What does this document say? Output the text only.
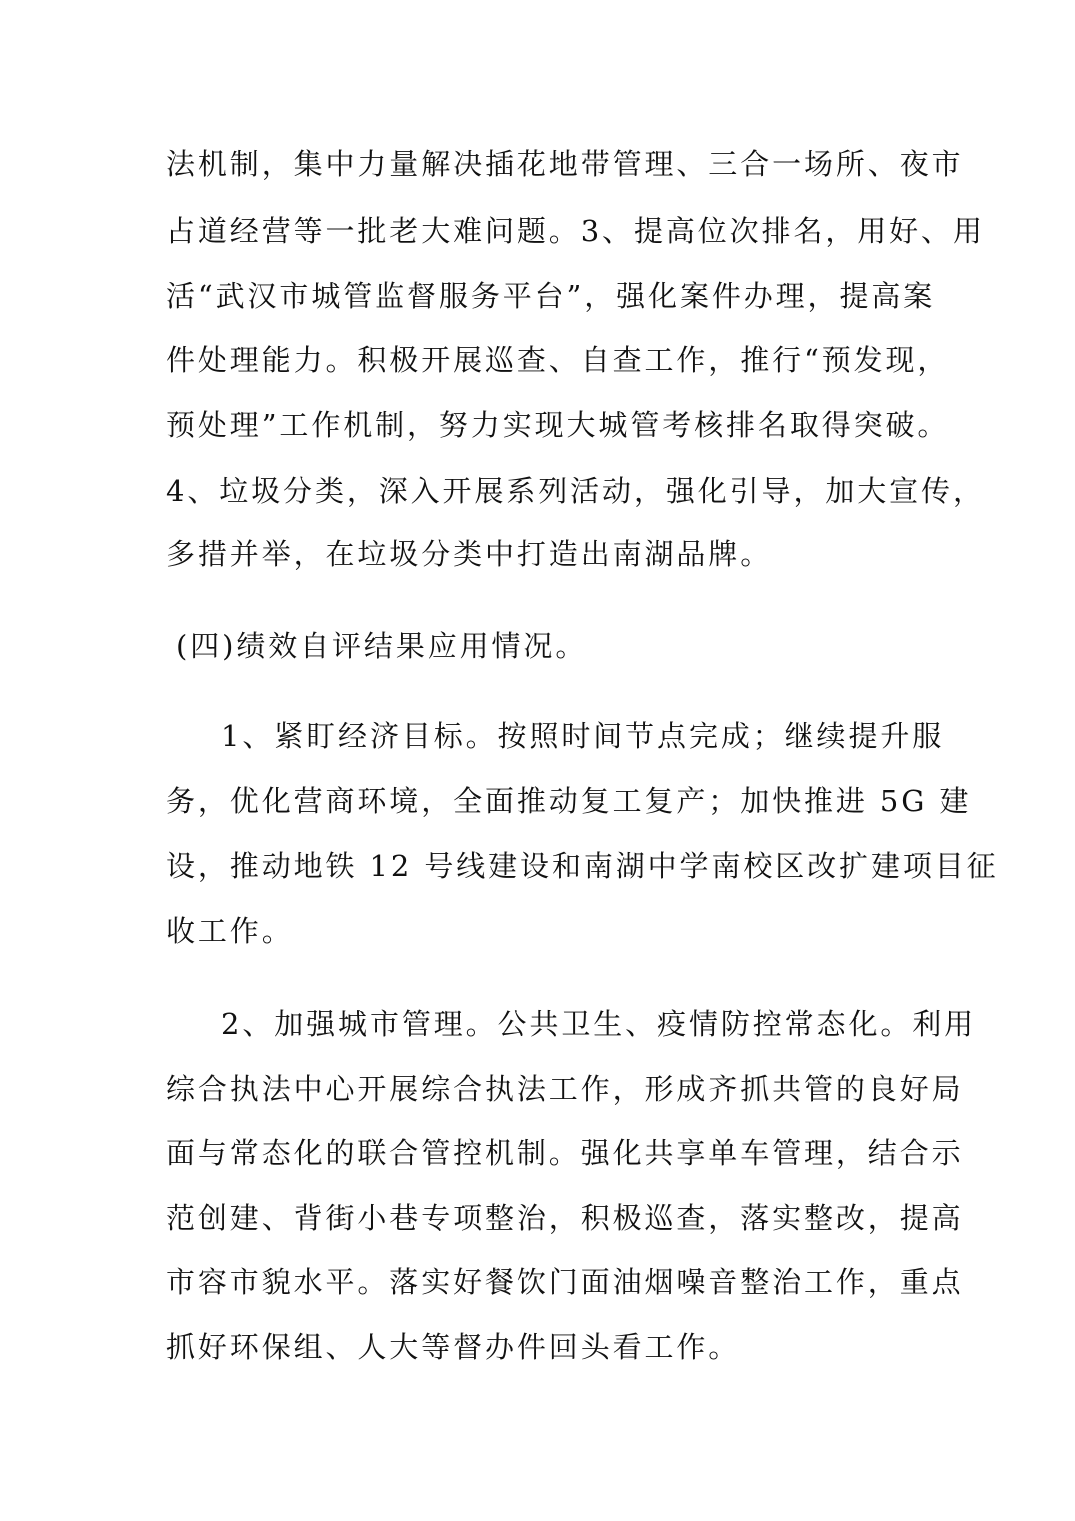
法机制，集中力量解决插花地带管理、三合一场所、夜市

占道经营等一批老大难问题。3、提高位次排名，用好、用

活“武汉市城管监督服务平台”，强化案件办理，提高案

件处理能力。积极开展巡查、自查工作，推行“预发现，

预处理”工作机制，努力实现大城管考核排名取得突破。

4、垃圾分类，深入开展系列活动，强化引导，加大宣传，

多措并举，在垃圾分类中打造出南湖品牌。

(四)绩效自评结果应用情况。

1、紧盯经济目标。按照时间节点完成；继续提升服

务，优化营商环境，全面推动复工复产；加快推进 5G 建

设，推动地铁 12 号线建设和南湖中学南校区改扩建项目征

收工作。

2、加强城市管理。公共卫生、疫情防控常态化。利用

综合执法中心开展综合执法工作，形成齐抓共管的良好局

面与常态化的联合管控机制。强化共享单车管理，结合示

范创建、背街小巷专项整治，积极巡查，落实整改，提高

市容市貌水平。落实好餐饮门面油烟噪音整治工作，重点

抓好环保组、人大等督办件回头看工作。
